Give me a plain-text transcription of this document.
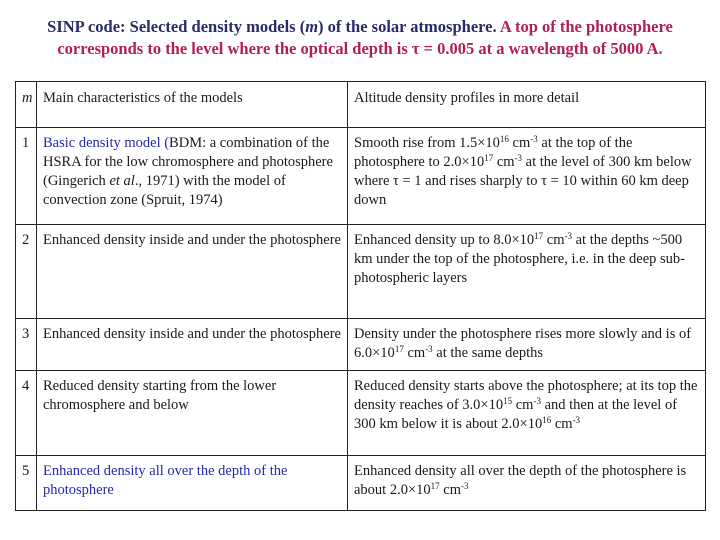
SINP code: Selected density models (m) of the solar atmosphere. A top of the photosphere
corresponds to the level where the optical depth is τ = 0.005 at a wavelength of 5000 A.
m	Main characteristics of the models	Altitude density profiles in more detail
1	Basic density model (BDM: a combination of the HSRA for the low chromosphere and photosphere (Gingerich et al., 1971) with the model of convection zone (Spruit, 1974)	Smooth rise from $1.5\times 10^{16}$ $cm^{-3}$ at the top of the photosphere to $2.0\times 10^{17}$ $cm^{-3}$ at the level of 300 km below where τ = 1 and rises sharply to τ = 10 within 60 km deep down
2	Enhanced density inside and under the photosphere	Enhanced density up to $8.0\times 10^{17}$ $cm^{-3}$ at the depths ~500 km under the top of the photosphere, i.e. in the deep sub-photospheric layers
3	Enhanced density inside and under the photosphere	Density under the photosphere rises more slowly and is of $6.0\times 10^{17}$ $cm^{-3}$ at the same depths
4	Reduced density starting from the lower chromosphere and below	Reduced density starts above the photosphere; at its top the density reaches of $3.0\times 10^{15}$ $cm^{-3}$ and then at the level of 300 km below it is about $2.0\times 10^{16}$ $cm^{-3}$
5	Enhanced density all over the depth of the photosphere	Enhanced density all over the depth of the photosphere is about $2.0\times 10^{17}$ $cm^{-3}$
